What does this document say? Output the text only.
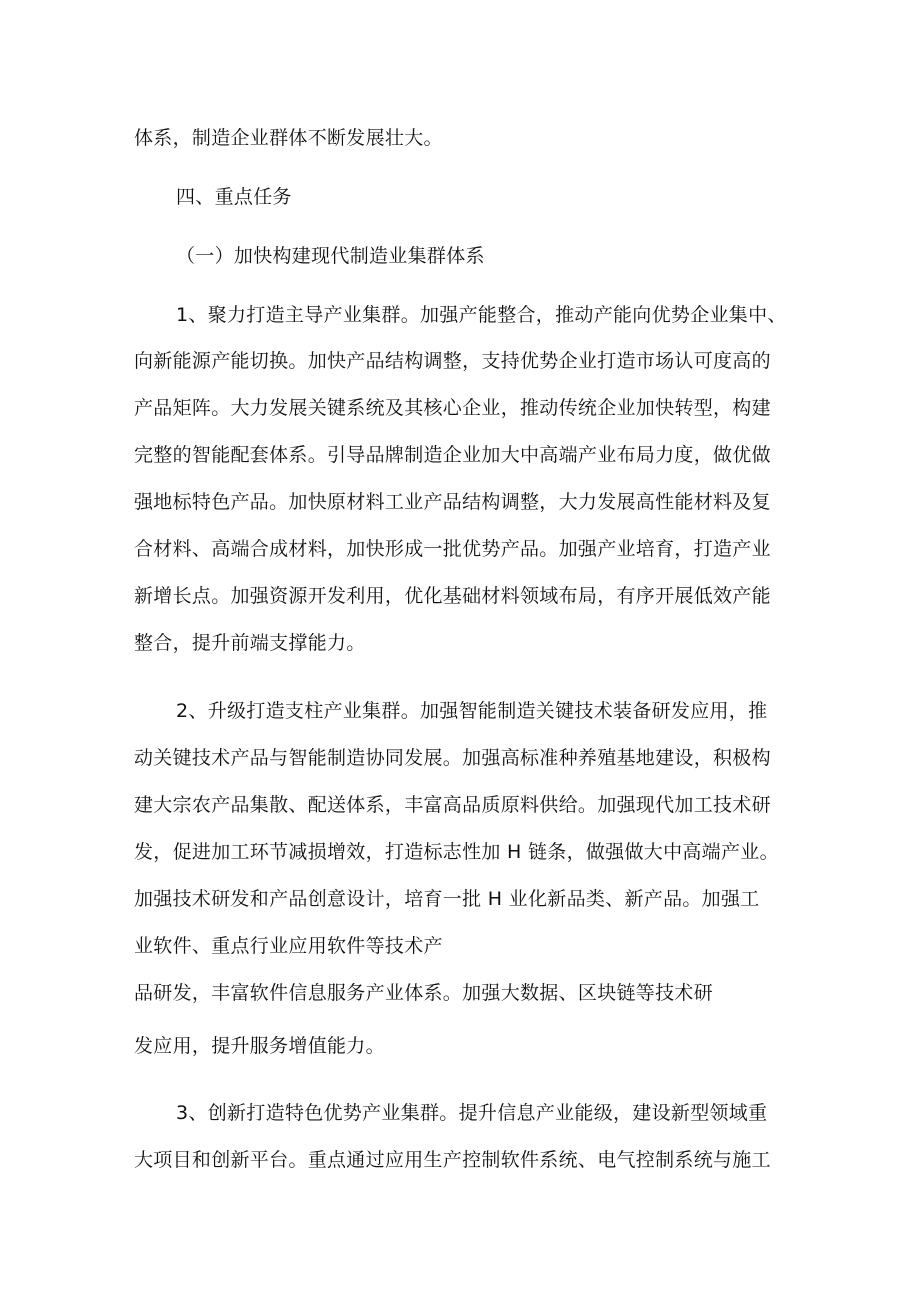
体系，制造企业群体不断发展壮大。
四、重点任务
（一）加快构建现代制造业集群体系
1、聚力打造主导产业集群。加强产能整合，推动产能向优势企业集中、
向新能源产能切换。加快产品结构调整，支持优势企业打造市场认可度高的
产品矩阵。大力发展关键系统及其核心企业，推动传统企业加快转型，构建
完整的智能配套体系。引导品牌制造企业加大中高端产业布局力度，做优做
强地标特色产品。加快原材料工业产品结构调整，大力发展高性能材料及复
合材料、高端合成材料，加快形成一批优势产品。加强产业培育，打造产业
新增长点。加强资源开发利用，优化基础材料领域布局，有序开展低效产能
整合，提升前端支撑能力。
2、升级打造支柱产业集群。加强智能制造关键技术装备研发应用，推
动关键技术产品与智能制造协同发展。加强高标准种养殖基地建设，积极构
建大宗农产品集散、配送体系，丰富高品质原料供给。加强现代加工技术研
发，促进加工环节减损增效，打造标志性加 H 链条，做强做大中高端产业。
加强技术研发和产品创意设计，培育一批 H 业化新品类、新产品。加强工
业软件、重点行业应用软件等技术产
品研发，丰富软件信息服务产业体系。加强大数据、区块链等技术研
发应用，提升服务增值能力。
3、创新打造特色优势产业集群。提升信息产业能级，建设新型领域重
大项目和创新平台。重点通过应用生产控制软件系统、电气控制系统与施工
